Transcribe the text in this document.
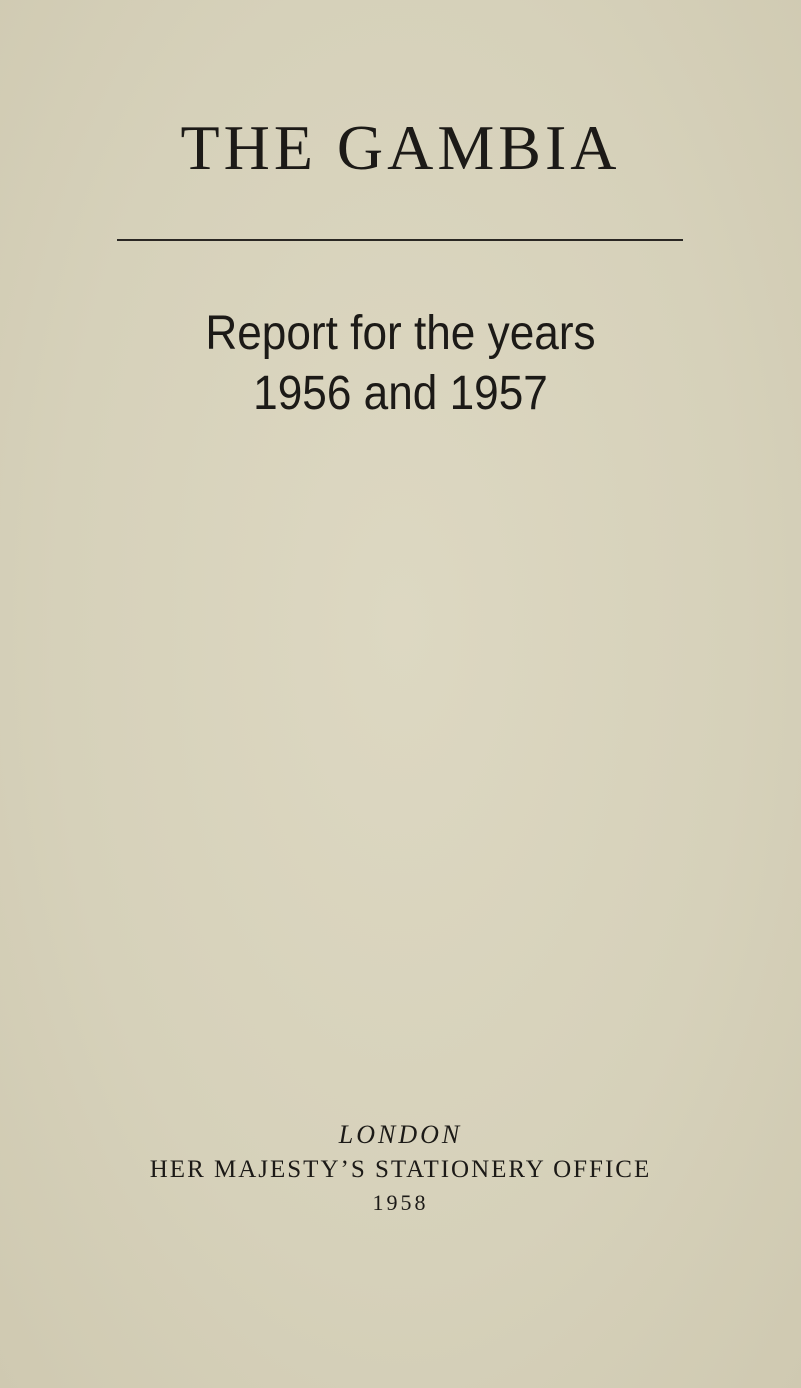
THE GAMBIA
Report for the years
1956 and 1957
LONDON
HER MAJESTY’S STATIONERY OFFICE
1958
